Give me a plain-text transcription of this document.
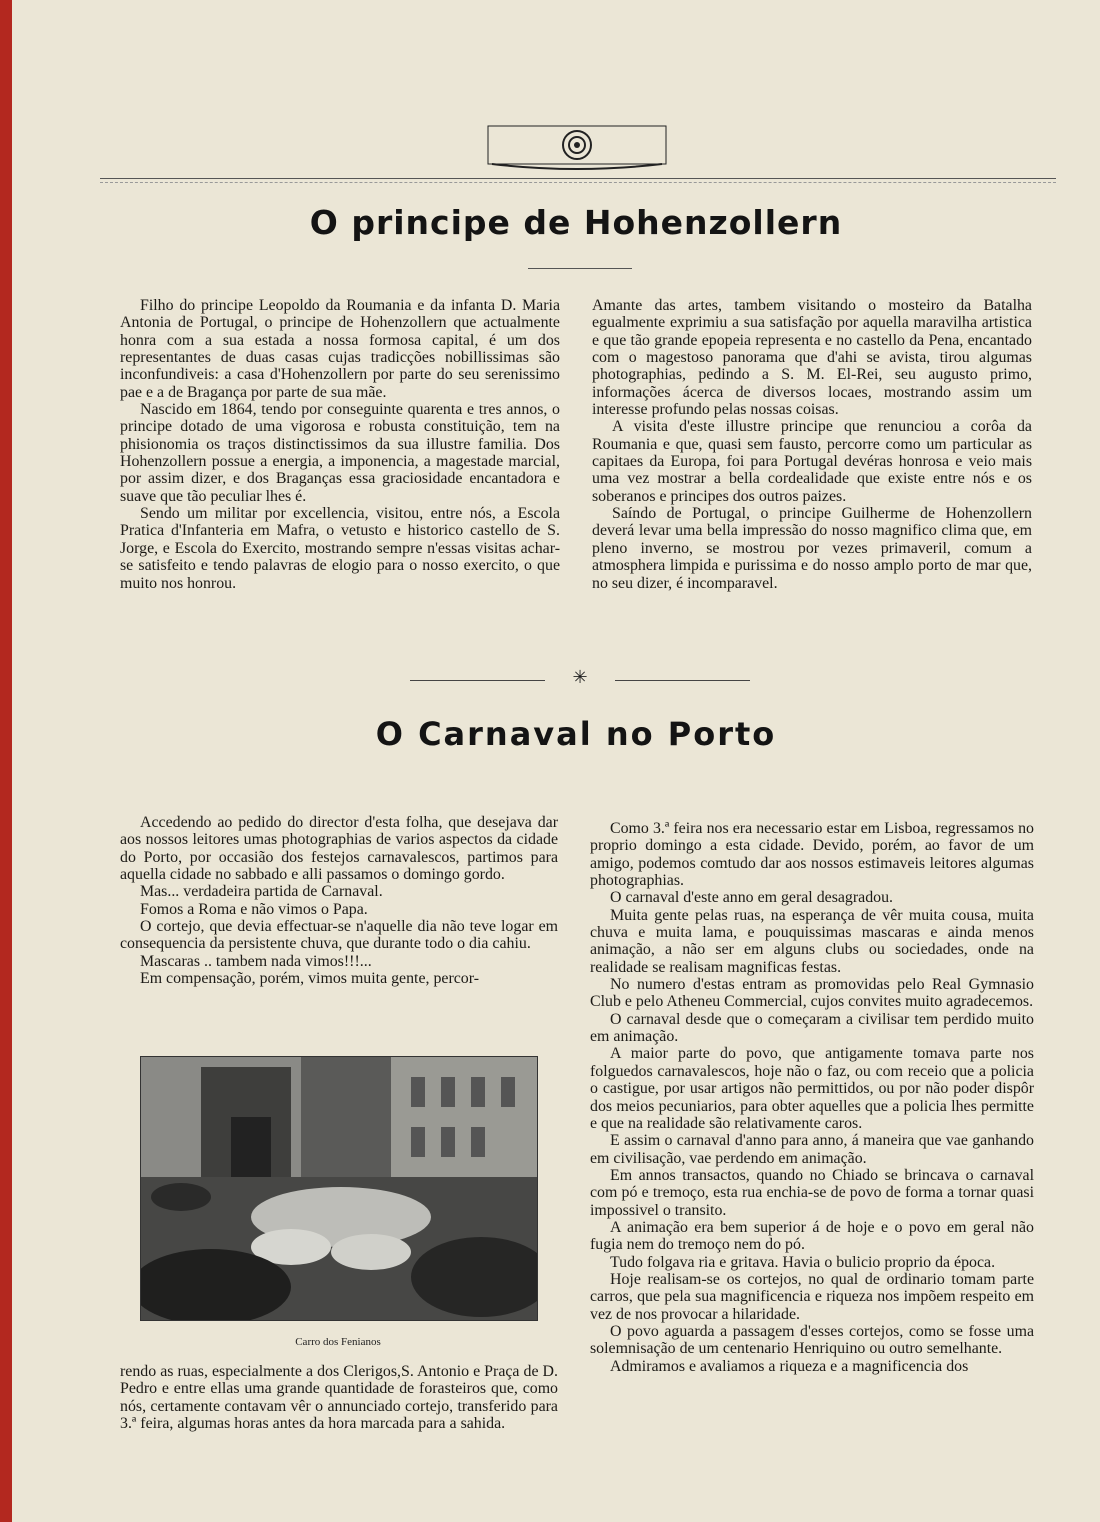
O principe de Hohenzollern

Filho do principe Leopoldo da Roumania e da infanta D. Maria Antonia de Portugal, o principe de Hohenzollern que actualmente honra com a sua estada a nossa formosa capital, é um dos representantes de duas casas cujas tradicções nobillissimas são inconfundiveis: a casa d'Hohenzollern por parte do seu serenissimo pae e a de Bragança por parte de sua mãe.

Nascido em 1864, tendo por conseguinte quarenta e tres annos, o principe dotado de uma vigorosa e robusta constituição, tem na phisionomia os traços distinctissimos da sua illustre familia. Dos Hohenzollern possue a energia, a imponencia, a magestade marcial, por assim dizer, e dos Braganças essa graciosidade encantadora e suave que tão peculiar lhes é.

Sendo um militar por excellencia, visitou, entre nós, a Escola Pratica d'Infanteria em Mafra, o vetusto e historico castello de S. Jorge, e Escola do Exercito, mostrando sempre n'essas visitas achar-se satisfeito e tendo palavras de elogio para o nosso exercito, o que muito nos honrou.

Amante das artes, tambem visitando o mosteiro da Batalha egualmente exprimiu a sua satisfação por aquella maravilha artistica e que tão grande epopeia representa e no castello da Pena, encantado com o magestoso panorama que d'ahi se avista, tirou algumas photographias, pedindo a S. M. El-Rei, seu augusto primo, informações ácerca de diversos locaes, mostrando assim um interesse profundo pelas nossas coisas.

A visita d'este illustre principe que renunciou a corôa da Roumania e que, quasi sem fausto, percorre como um particular as capitaes da Europa, foi para Portugal devéras honrosa e veio mais uma vez mostrar a bella cordealidade que existe entre nós e os soberanos e principes dos outros paizes.

Saíndo de Portugal, o principe Guilherme de Hohenzollern deverá levar uma bella impressão do nosso magnifico clima que, em pleno inverno, se mostrou por vezes primaveril, comum a atmosphera limpida e purissima e do nosso amplo porto de mar que, no seu dizer, é incomparavel.

✳
O Carnaval no Porto

Accedendo ao pedido do director d'esta folha, que desejava dar aos nossos leitores umas photographias de varios aspectos da cidade do Porto, por occasião dos festejos carnavalescos, partimos para aquella cidade no sabbado e alli passamos o domingo gordo.

Mas... verdadeira partida de Carnaval.

Fomos a Roma e não vimos o Papa.

O cortejo, que devia effectuar-se n'aquelle dia não teve logar em consequencia da persistente chuva, que durante todo o dia cahiu.

Mascaras .. tambem nada vimos!!!...

Em compensação, porém, vimos muita gente, percor-

Carro dos Fenianos

rendo as ruas, especialmente a dos Clerigos,S. Antonio e Praça de D. Pedro e entre ellas uma grande quantidade de forasteiros que, como nós, certamente contavam vêr o annunciado cortejo, transferido para 3.ª feira, algumas horas antes da hora marcada para a sahida.

Como 3.ª feira nos era necessario estar em Lisboa, regressamos no proprio domingo a esta cidade. Devido, porém, ao favor de um amigo, podemos comtudo dar aos nossos estimaveis leitores algumas photographias.

O carnaval d'este anno em geral desagradou.

Muita gente pelas ruas, na esperança de vêr muita cousa, muita chuva e muita lama, e pouquissimas mascaras e ainda menos animação, a não ser em alguns clubs ou sociedades, onde na realidade se realisam magnificas festas.

No numero d'estas entram as promovidas pelo Real Gymnasio Club e pelo Atheneu Commercial, cujos convites muito agradecemos.

O carnaval desde que o começaram a civilisar tem perdido muito em animação.

A maior parte do povo, que antigamente tomava parte nos folguedos carnavalescos, hoje não o faz, ou com receio que a policia o castigue, por usar artigos não permittidos, ou por não poder dispôr dos meios pecuniarios, para obter aquelles que a policia lhes permitte e que na realidade são relativamente caros.

E assim o carnaval d'anno para anno, á maneira que vae ganhando em civilisação, vae perdendo em animação.

Em annos transactos, quando no Chiado se brincava o carnaval com pó e tremoço, esta rua enchia-se de povo de forma a tornar quasi impossivel o transito.

A animação era bem superior á de hoje e o povo em geral não fugia nem do tremoço nem do pó.

Tudo folgava ria e gritava. Havia o bulicio proprio da época.

Hoje realisam-se os cortejos, no qual de ordinario tomam parte carros, que pela sua magnificencia e riqueza nos impõem respeito em vez de nos provocar a hilaridade.

O povo aguarda a passagem d'esses cortejos, como se fosse uma solemnisação de um centenario Henriquino ou outro semelhante.

Admiramos e avaliamos a riqueza e a magnificencia dos
